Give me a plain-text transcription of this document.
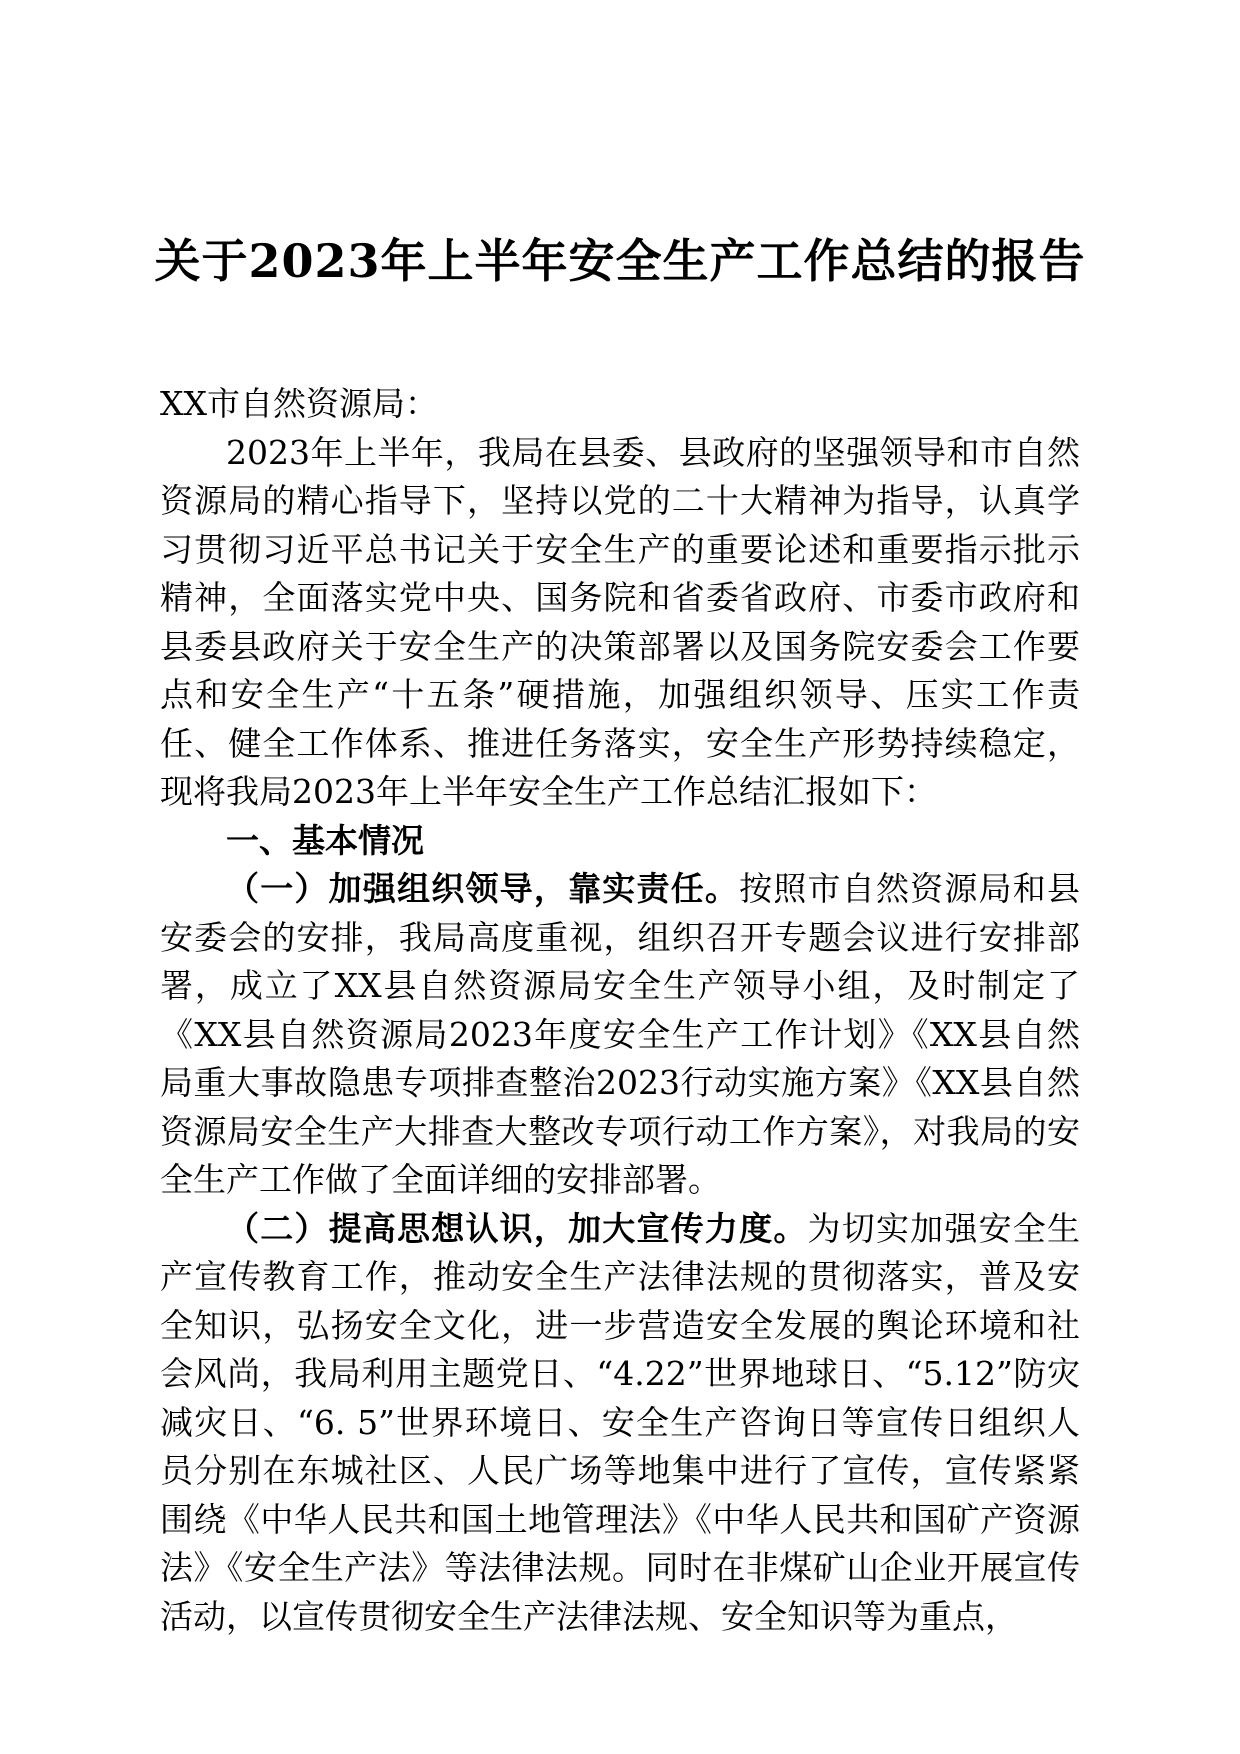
关于2023年上半年安全生产工作总结的报告

XX市自然资源局：

2023年上半年，我局在县委、县政府的坚强领导和市自然资源局的精心指导下，坚持以党的二十大精神为指导，认真学习贯彻习近平总书记关于安全生产的重要论述和重要指示批示精神，全面落实党中央、国务院和省委省政府、市委市政府和县委县政府关于安全生产的决策部署以及国务院安委会工作要点和安全生产“十五条”硬措施，加强组织领导、压实工作责任、健全工作体系、推进任务落实，安全生产形势持续稳定，现将我局2023年上半年安全生产工作总结汇报如下：

一、基本情况

（一）加强组织领导，靠实责任。按照市自然资源局和县安委会的安排，我局高度重视，组织召开专题会议进行安排部署，成立了XX县自然资源局安全生产领导小组，及时制定了《XX县自然资源局2023年度安全生产工作计划》《XX县自然局重大事故隐患专项排查整治2023行动实施方案》《XX县自然资源局安全生产大排查大整改专项行动工作方案》，对我局的安全生产工作做了全面详细的安排部署。

（二）提高思想认识，加大宣传力度。为切实加强安全生产宣传教育工作，推动安全生产法律法规的贯彻落实，普及安全知识，弘扬安全文化，进一步营造安全发展的舆论环境和社会风尚，我局利用主题党日、“4.22”世界地球日、“5.12”防灾减灾日、“6. 5”世界环境日、安全生产咨询日等宣传日组织人员分别在东城社区、人民广场等地集中进行了宣传，宣传紧紧围绕《中华人民共和国土地管理法》《中华人民共和国矿产资源法》《安全生产法》等法律法规。同时在非煤矿山企业开展宣传活动，以宣传贯彻安全生产法律法规、安全知识等为重点，
